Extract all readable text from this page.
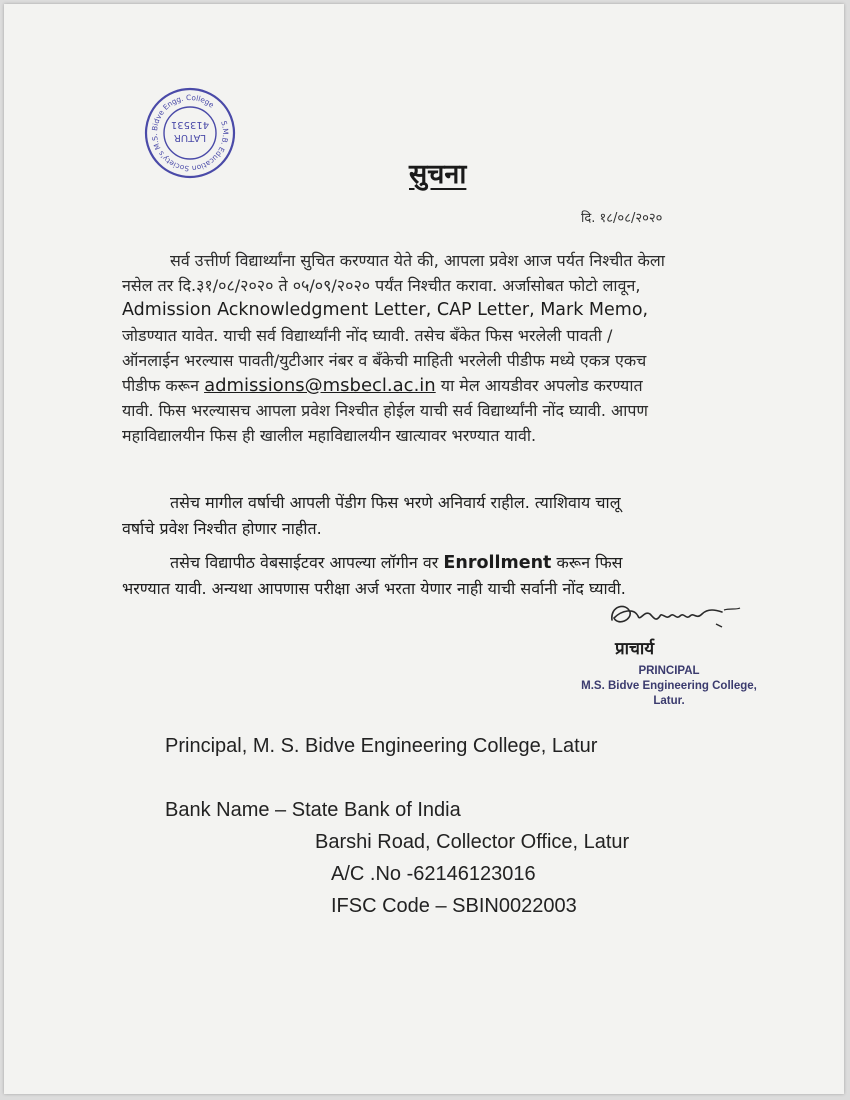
S.M.B. Education Society's M.S. Bidve Engg. College
LATUR
413531
सुचना
दि. १८/०८/२०२०
सर्व उत्तीर्ण विद्यार्थ्यांना सुचित करण्यात येते की, आपला प्रवेश आज पर्यत निश्चीत केला
नसेल तर दि.३१/०८/२०२० ते ०५/०९/२०२० पर्यंत निश्चीत करावा. अर्जासोबत फोटो लावून,
Admission Acknowledgment Letter, CAP Letter, Mark Memo,
जोडण्यात यावेत. याची सर्व विद्यार्थ्यांनी नोंद घ्यावी. तसेच बँकेत फिस भरलेली पावती /
ऑनलाईन भरल्यास पावती/युटीआर नंबर व बँकेची माहिती भरलेली पीडीफ मध्ये एकत्र एकच
पीडीफ करून admissions@msbecl.ac.in या मेल आयडीवर अपलोड करण्यात
यावी. फिस भरल्यासच आपला प्रवेश निश्चीत होईल याची सर्व विद्यार्थ्यांनी नोंद घ्यावी. आपण
महाविद्यालयीन फिस ही खालील महाविद्यालयीन खात्यावर भरण्यात यावी.
तसेच मागील वर्षाची आपली पेंडीग फिस भरणे अनिवार्य राहील. त्याशिवाय चालू
वर्षाचे प्रवेश निश्चीत होणार नाहीत.
तसेच विद्यापीठ वेबसाईटवर आपल्या लॉगीन वर Enrollment करून फिस
भरण्यात यावी. अन्यथा आपणास परीक्षा अर्ज भरता येणार नाही याची सर्वानी नोंद घ्यावी.
प्राचार्य
PRINCIPAL
M.S. Bidve Engineering College,
Latur.
Principal, M. S. Bidve Engineering College, Latur
Bank Name – State Bank of India
Barshi Road, Collector Office, Latur
A/C .No -62146123016
IFSC Code – SBIN0022003
